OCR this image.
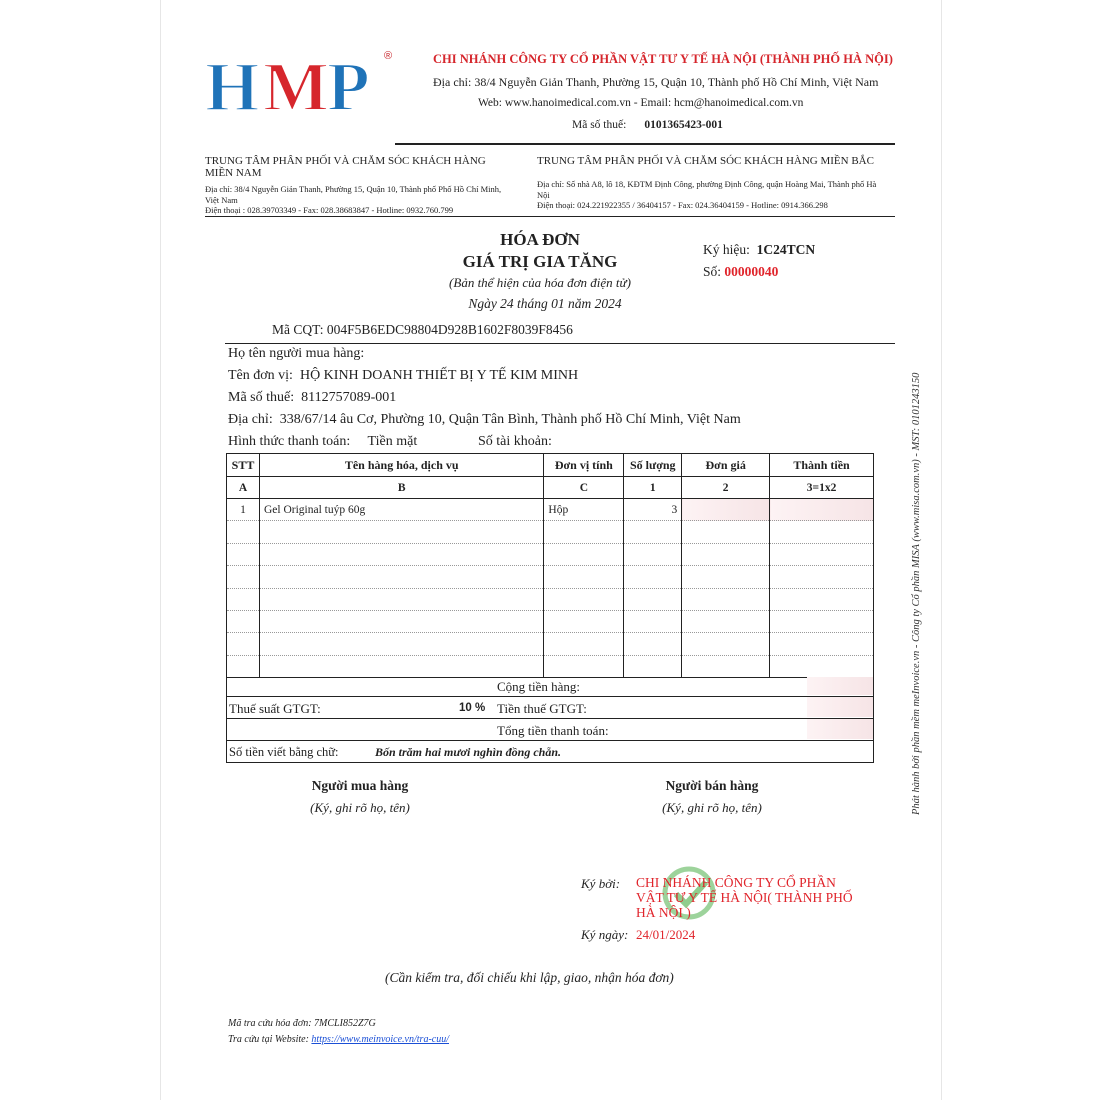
H M
P ®	CHI NHÁNH CÔNG TY CỔ PHẦN VẬT TƯ Y TẾ HÀ NỘI (THÀNH PHỐ HÀ NỘI)
Địa chỉ: 38/4 Nguyễn Giản Thanh, Phường 15, Quận 10, Thành phố Hồ Chí Minh, Việt Nam
Web: www.hanoimedical.com.vn - Email: hcm@hanoimedical.com.vn
Mã số thuế: 0101365423-001
TRUNG TÂM PHÂN PHỐI VÀ CHĂM SÓC KHÁCH HÀNG MIỀN NAM
Địa chỉ: 38/4 Nguyễn Giản Thanh, Phường 15, Quận 10, Thành phố Phố Hồ Chí Minh, Việt Nam
Điện thoại : 028.39703349 - Fax: 028.38683847 - Hotline: 0932.760.799
TRUNG TÂM PHÂN PHỐI VÀ CHĂM SÓC KHÁCH HÀNG MIỀN BẮC
Địa chỉ: Số nhà A8, lô 18, KĐTM Định Công, phường Định Công, quận Hoàng Mai, Thành phố Hà Nội
Điện thoại: 024.221922355 / 36404157 - Fax: 024.36404159 - Hotline: 0914.366.298
HÓA ĐƠN
GIÁ TRỊ GIA TĂNG
(Bản thể hiện của hóa đơn điện tử)
Ngày 24 tháng 01 năm 2024
Ký hiệu: 1C24TCN
Số: 00000040
Mã CQT: 004F5B6EDC98804D928B1602F8039F8456
Họ tên người mua hàng:
Tên đơn vị: HỘ KINH DOANH THIẾT BỊ Y TẾ KIM MINH
Mã số thuế: 8112757089-001
Địa chỉ: 338/67/14 âu Cơ, Phường 10, Quận Tân Bình, Thành phố Hồ Chí Minh, Việt Nam
Hình thức thanh toán: Tiền mặt	Số tài khoản:
STT	Tên hàng hóa, dịch vụ	Đơn vị tính	Số lượng	Đơn giá	Thành tiền
A	B	C	1	2	3=1x2
1	Gel Original tuýp 60g	Hộp	3		

Cộng tiền hàng:
Thuế suất GTGT:	10 % Tiền thuế GTGT:
Tổng tiền thanh toán:
Số tiền viết bằng chữ:	Bốn trăm hai mươi nghìn đồng chẵn.
Người mua hàng
(Ký, ghi rõ họ, tên)
Người bán hàng
(Ký, ghi rõ họ, tên)
Ký bởi: CHI NHÁNH CÔNG TY CỔ PHẦN VẬT TƯ Y TẾ HÀ NỘI( THÀNH PHỐ HÀ NỘI )
Ký ngày: 24/01/2024
(Cần kiểm tra, đối chiếu khi lập, giao, nhận hóa đơn)
Mã tra cứu hóa đơn: 7MCLI852Z7G
Tra cứu tại Website: https://www.meinvoice.vn/tra-cuu/
Phát hành bởi phần mềm meInvoice.vn - Công ty Cổ phần MISA (www.misa.com.vn) - MST: 0101243150
